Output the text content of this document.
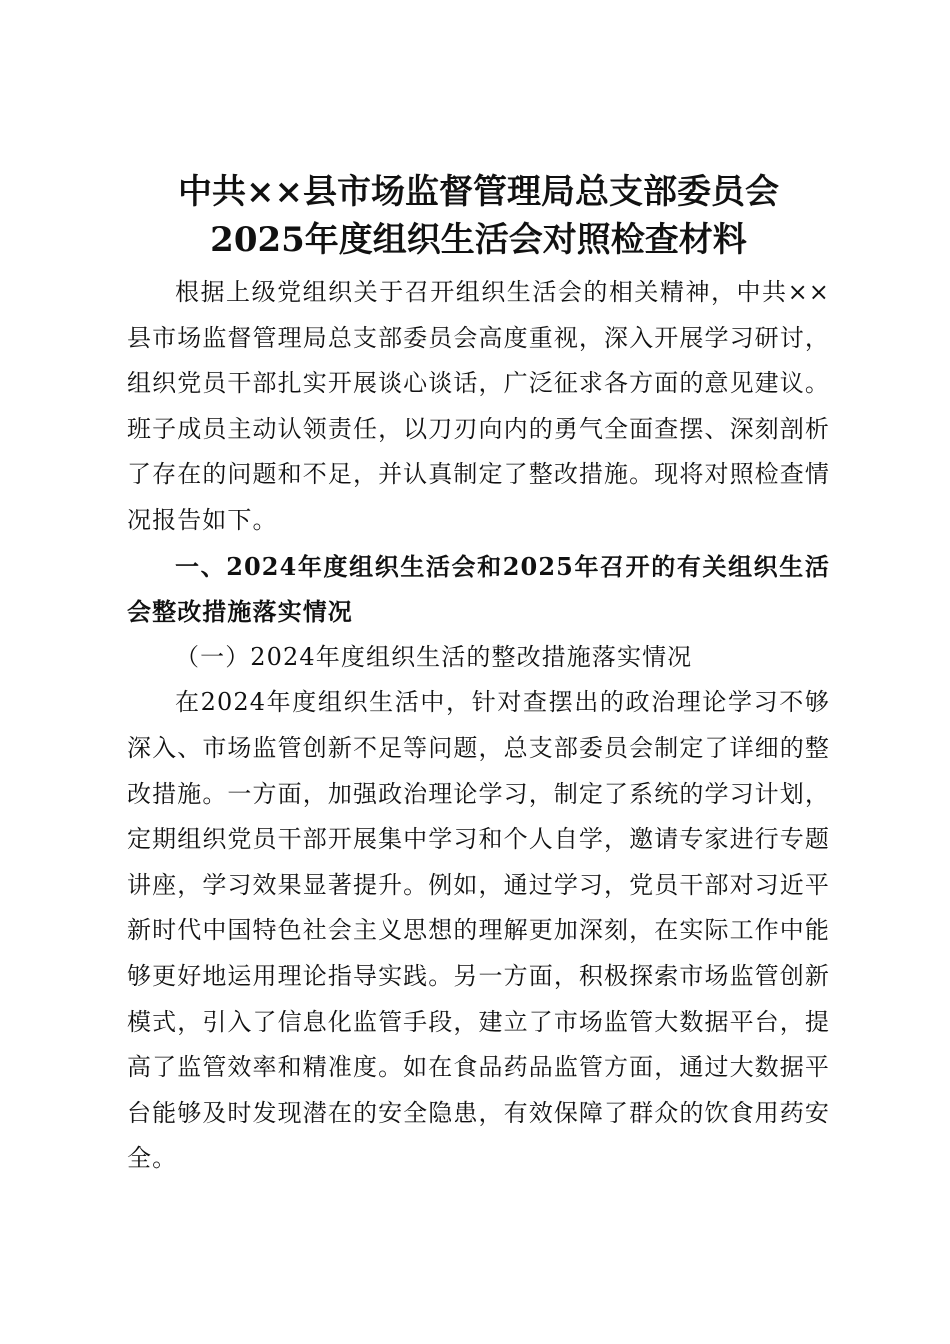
中共××县市场监督管理局总支部委员会
2025年度组织生活会对照检查材料

根据上级党组织关于召开组织生活会的相关精神，中共××县市场监督管理局总支部委员会高度重视，深入开展学习研讨，组织党员干部扎实开展谈心谈话，广泛征求各方面的意见建议。班子成员主动认领责任，以刀刃向内的勇气全面查摆、深刻剖析了存在的问题和不足，并认真制定了整改措施。现将对照检查情况报告如下。

一、2024年度组织生活会和2025年召开的有关组织生活会整改措施落实情况

（一）2024年度组织生活的整改措施落实情况

在2024年度组织生活中，针对查摆出的政治理论学习不够深入、市场监管创新不足等问题，总支部委员会制定了详细的整改措施。一方面，加强政治理论学习，制定了系统的学习计划，定期组织党员干部开展集中学习和个人自学，邀请专家进行专题讲座，学习效果显著提升。例如，通过学习，党员干部对习近平新时代中国特色社会主义思想的理解更加深刻，在实际工作中能够更好地运用理论指导实践。另一方面，积极探索市场监管创新模式，引入了信息化监管手段，建立了市场监管大数据平台，提高了监管效率和精准度。如在食品药品监管方面，通过大数据平台能够及时发现潜在的安全隐患，有效保障了群众的饮食用药安全。
